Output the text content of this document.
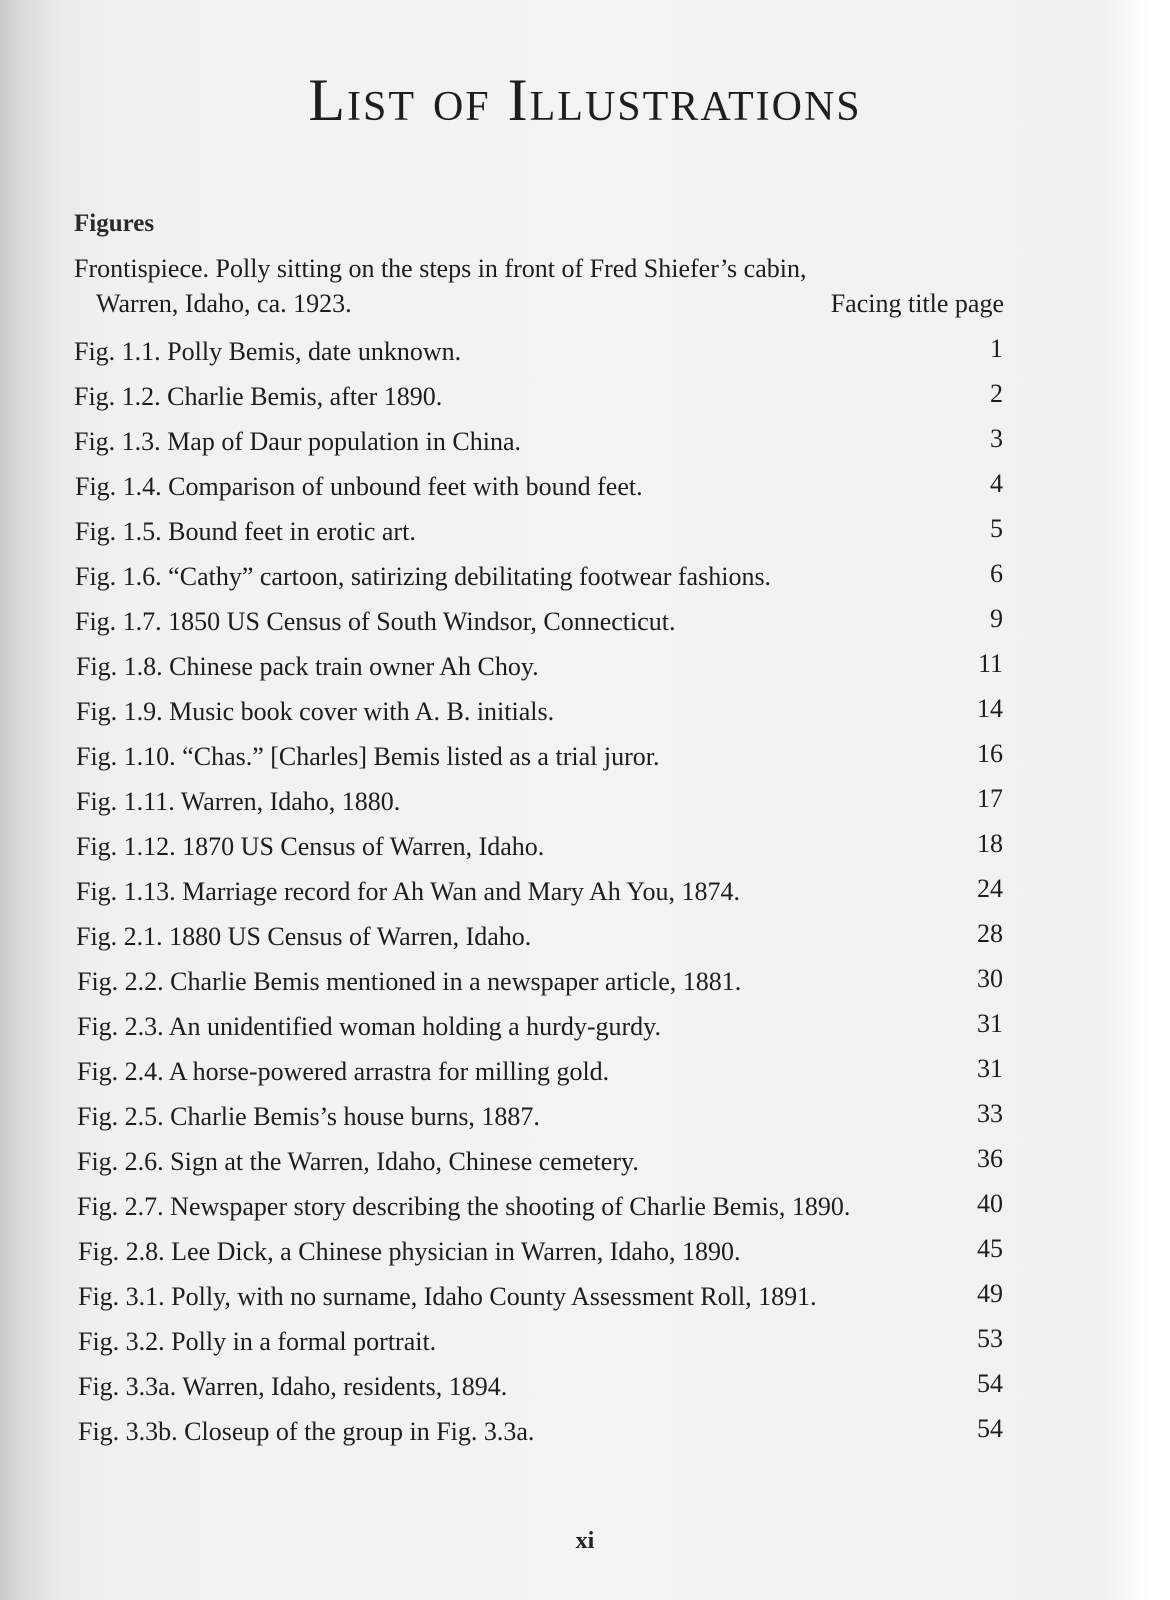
List of Illustrations
Figures
Frontispiece. Polly sitting on the steps in front of Fred Shiefer’s cabin,
Warren, Idaho, ca. 1923.	Facing title page
Fig. 1.1. Polly Bemis, date unknown.	1
Fig. 1.2. Charlie Bemis, after 1890.	2
Fig. 1.3. Map of Daur population in China.	3
Fig. 1.4. Comparison of unbound feet with bound feet.	4
Fig. 1.5. Bound feet in erotic art.	5
Fig. 1.6. “Cathy” cartoon, satirizing debilitating footwear fashions.	6
Fig. 1.7. 1850 US Census of South Windsor, Connecticut.	9
Fig. 1.8. Chinese pack train owner Ah Choy.	11
Fig. 1.9. Music book cover with A. B. initials.	14
Fig. 1.10. “Chas.” [Charles] Bemis listed as a trial juror.	16
Fig. 1.11. Warren, Idaho, 1880.	17
Fig. 1.12. 1870 US Census of Warren, Idaho.	18
Fig. 1.13. Marriage record for Ah Wan and Mary Ah You, 1874.	24
Fig. 2.1. 1880 US Census of Warren, Idaho.	28
Fig. 2.2. Charlie Bemis mentioned in a newspaper article, 1881.	30
Fig. 2.3. An unidentified woman holding a hurdy-gurdy.	31
Fig. 2.4. A horse-powered arrastra for milling gold.	31
Fig. 2.5. Charlie Bemis’s house burns, 1887.	33
Fig. 2.6. Sign at the Warren, Idaho, Chinese cemetery.	36
Fig. 2.7. Newspaper story describing the shooting of Charlie Bemis, 1890.	40
Fig. 2.8. Lee Dick, a Chinese physician in Warren, Idaho, 1890.	45
Fig. 3.1. Polly, with no surname, Idaho County Assessment Roll, 1891.	49
Fig. 3.2. Polly in a formal portrait.	53
Fig. 3.3a. Warren, Idaho, residents, 1894.	54
Fig. 3.3b. Closeup of the group in Fig. 3.3a.	54
xi
